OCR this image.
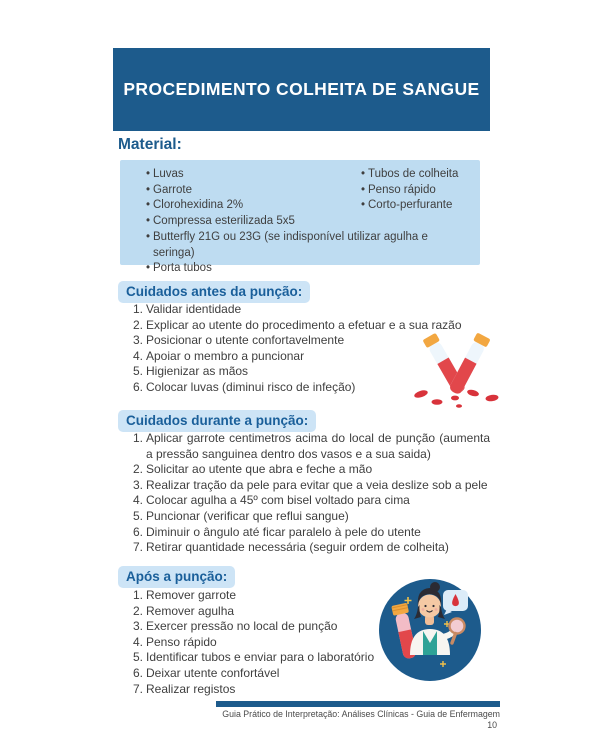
PROCEDIMENTO COLHEITA DE SANGUE
Material:
• Luvas
• Garrote
• Clorohexidina 2%
• Compressa esterilizada 5x5
• Butterfly 21G ou 23G (se indisponível utilizar agulha e seringa)
• Porta tubos
• Tubos de colheita
• Penso rápido
• Corto-perfurante
Cuidados antes da punção:
1. Validar identidade
2. Explicar ao utente do procedimento a efetuar e a sua razão
3. Posicionar o utente confortavelmente
4. Apoiar o membro a puncionar
5. Higienizar as mãos
6. Colocar luvas (diminui risco de infeção)
Cuidados durante a punção:
1. Aplicar garrote centimetros acima do local de punção (aumenta a pressão sanguinea dentro dos vasos e a sua saida)
2. Solicitar ao utente que abra e feche a mão
3. Realizar tração da pele para evitar que a veia deslize sob a pele
4. Colocar agulha a 45º com bisel voltado para cima
5. Puncionar (verificar que reflui sangue)
6. Diminuir o ângulo até ficar paralelo à pele do utente
7. Retirar quantidade necessária (seguir ordem de colheita)
Após a punção:
1. Remover garrote
2. Remover agulha
3. Exercer pressão no local de punção
4. Penso rápido
5. Identificar tubos e enviar para o laboratório
6. Deixar utente confortável
7. Realizar registos
Guia Prático de Interpretação: Análises Clínicas - Guia de Enfermagem
10
